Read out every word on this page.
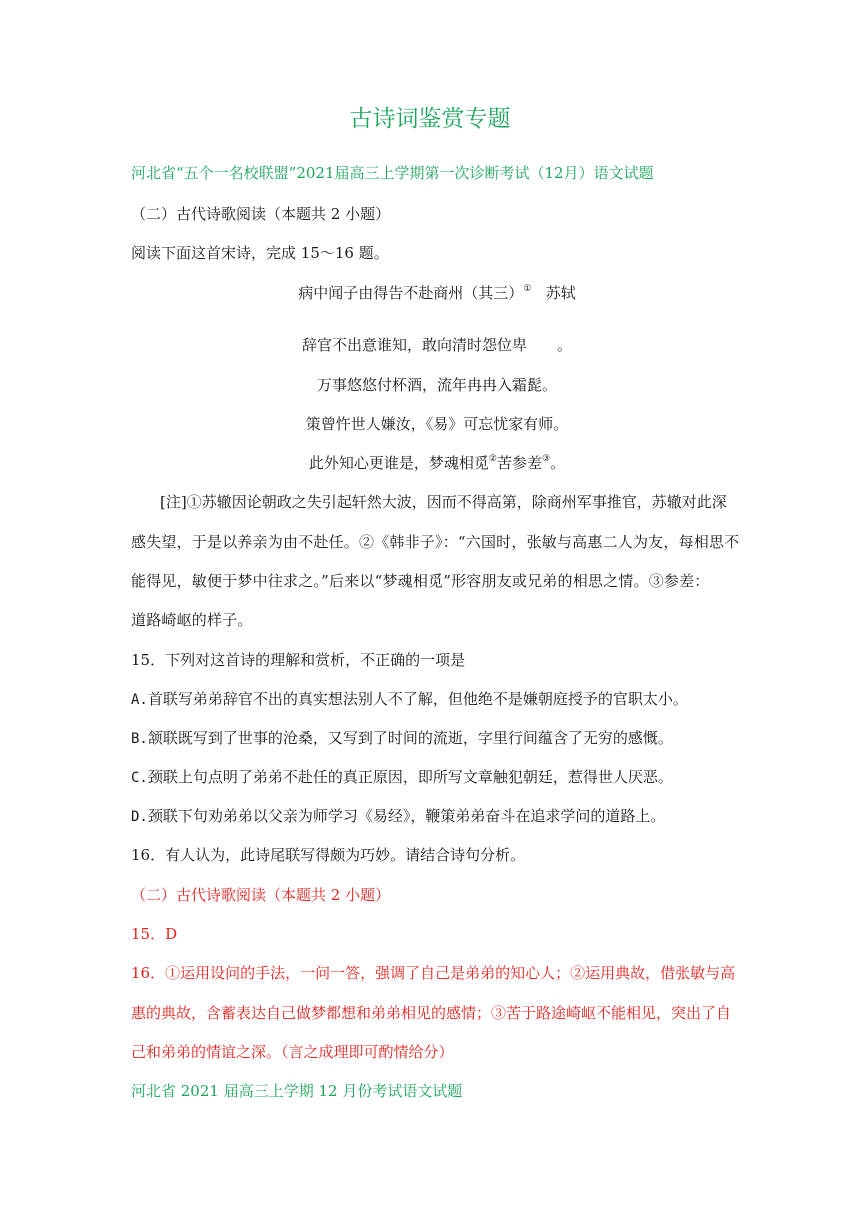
古诗词鉴赏专题
河北省“五个一名校联盟”2021届高三上学期第一次诊断考试（12月）语文试题
（二）古代诗歌阅读（本题共 2 小题）
阅读下面这首宋诗，完成 15～16 题。
病中闻子由得告不赴商州（其三）① 苏轼
辞官不出意谁知，敢向清时怨位卑　　。
万事悠悠付杯酒，流年冉冉入霜髭。
策曾忤世人嫌汝，《易》可忘忧家有师。
此外知心更谁是，梦魂相觅②苦参差③。
[注]①苏辙因论朝政之失引起轩然大波，因而不得高第，除商州军事推官，苏辙对此深
感失望，于是以养亲为由不赴任。②《韩非子》：“六国时，张敏与高惠二人为友，每相思不
能得见，敏便于梦中往求之。”后来以“梦魂相觅”形容朋友或兄弟的相思之情。③参差：
道路崎岖的样子。
15．下列对这首诗的理解和赏析，不正确的一项是
A.首联写弟弟辞官不出的真实想法别人不了解，但他绝不是嫌朝庭授予的官职太小。
B.颔联既写到了世事的沧桑，又写到了时间的流逝，字里行间蕴含了无穷的感慨。
C.颈联上句点明了弟弟不赴任的真正原因，即所写文章触犯朝廷，惹得世人厌恶。
D.颈联下句劝弟弟以父亲为师学习《易经》，鞭策弟弟奋斗在追求学问的道路上。
16．有人认为，此诗尾联写得颇为巧妙。请结合诗句分析。
（二）古代诗歌阅读（本题共 2 小题）
15．D
16．①运用设问的手法，一问一答，强调了自己是弟弟的知心人；②运用典故，借张敏与高
惠的典故，含蓄表达自己做梦都想和弟弟相见的感情；③苦于路途崎岖不能相见，突出了自
己和弟弟的情谊之深。（言之成理即可酌情给分）
河北省 2021 届高三上学期 12 月份考试语文试题
